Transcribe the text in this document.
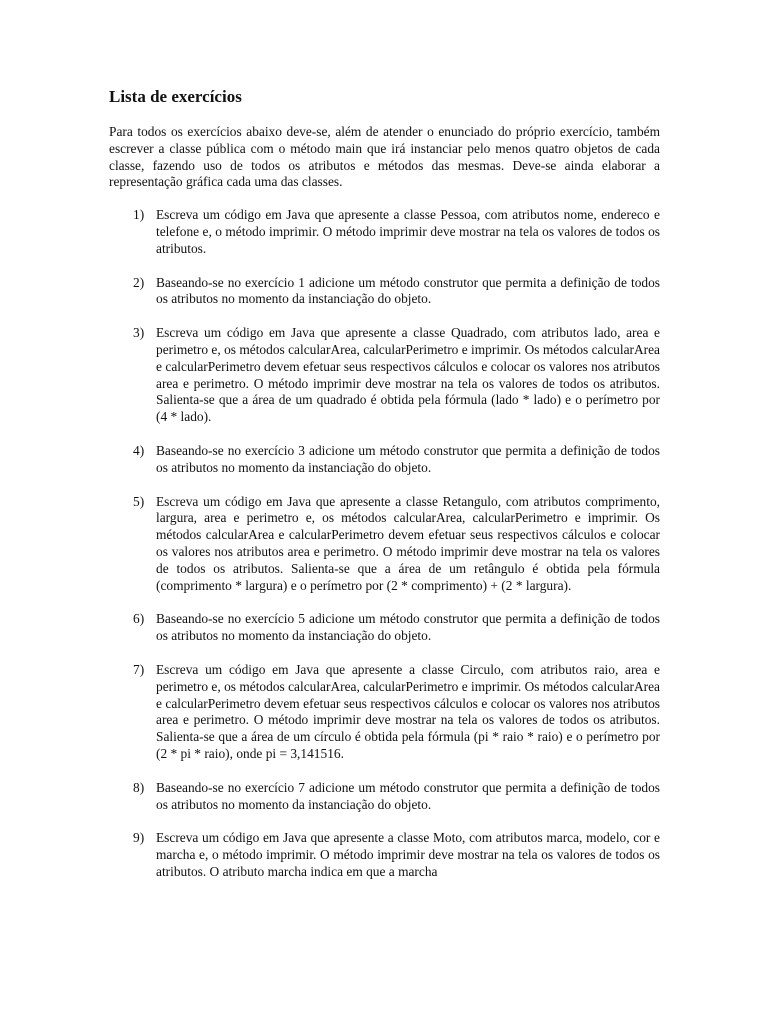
Lista de exercícios

Para todos os exercícios abaixo deve-se, além de atender o enunciado do próprio exercício, também escrever a classe pública com o método main que irá instanciar pelo menos quatro objetos de cada classe, fazendo uso de todos os atributos e métodos das mesmas. Deve-se ainda elaborar a representação gráfica cada uma das classes.

1) Escreva um código em Java que apresente a classe Pessoa, com atributos nome, endereco e telefone e, o método imprimir. O método imprimir deve mostrar na tela os valores de todos os atributos.
2) Baseando-se no exercício 1 adicione um método construtor que permita a definição de todos os atributos no momento da instanciação do objeto.
3) Escreva um código em Java que apresente a classe Quadrado, com atributos lado, area e perimetro e, os métodos calcularArea, calcularPerimetro e imprimir. Os métodos calcularArea e calcularPerimetro devem efetuar seus respectivos cálculos e colocar os valores nos atributos area e perimetro. O método imprimir deve mostrar na tela os valores de todos os atributos. Salienta-se que a área de um quadrado é obtida pela fórmula (lado * lado) e o perímetro por (4 * lado).
4) Baseando-se no exercício 3 adicione um método construtor que permita a definição de todos os atributos no momento da instanciação do objeto.
5) Escreva um código em Java que apresente a classe Retangulo, com atributos comprimento, largura, area e perimetro e, os métodos calcularArea, calcularPerimetro e imprimir. Os métodos calcularArea e calcularPerimetro devem efetuar seus respectivos cálculos e colocar os valores nos atributos area e perimetro. O método imprimir deve mostrar na tela os valores de todos os atributos. Salienta-se que a área de um retângulo é obtida pela fórmula (comprimento * largura) e o perímetro por (2 * comprimento) + (2 * largura).
6) Baseando-se no exercício 5 adicione um método construtor que permita a definição de todos os atributos no momento da instanciação do objeto.
7) Escreva um código em Java que apresente a classe Circulo, com atributos raio, area e perimetro e, os métodos calcularArea, calcularPerimetro e imprimir. Os métodos calcularArea e calcularPerimetro devem efetuar seus respectivos cálculos e colocar os valores nos atributos area e perimetro. O método imprimir deve mostrar na tela os valores de todos os atributos. Salienta-se que a área de um círculo é obtida pela fórmula (pi * raio * raio) e o perímetro por (2 * pi * raio), onde pi = 3,141516.
8) Baseando-se no exercício 7 adicione um método construtor que permita a definição de todos os atributos no momento da instanciação do objeto.
9) Escreva um código em Java que apresente a classe Moto, com atributos marca, modelo, cor e marcha e, o método imprimir. O método imprimir deve mostrar na tela os valores de todos os atributos. O atributo marcha indica em que a marcha
